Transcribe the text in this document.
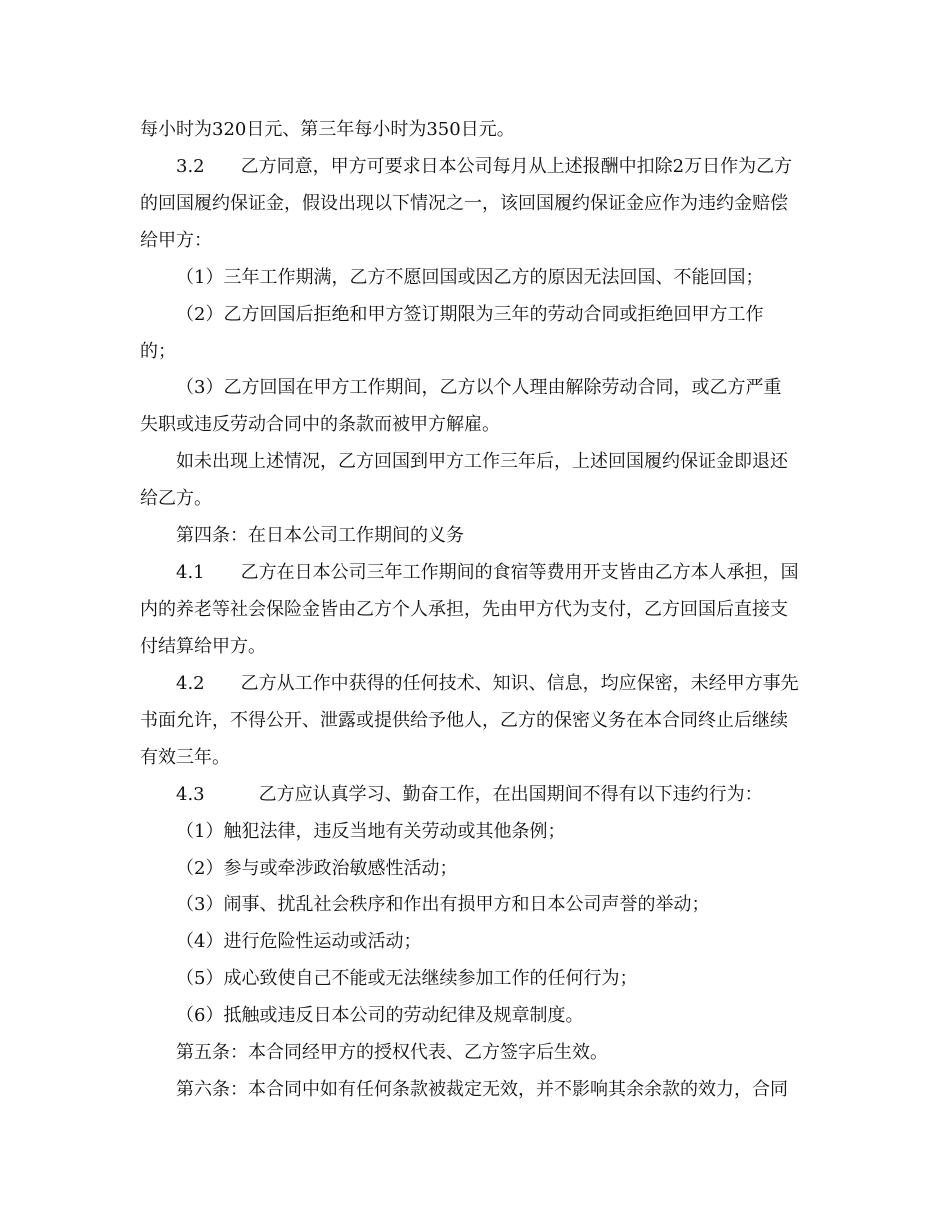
每小时为320日元、第三年每小时为350日元。
3.2　　乙方同意，甲方可要求日本公司每月从上述报酬中扣除2万日作为乙方
的回国履约保证金，假设出现以下情况之一，该回国履约保证金应作为违约金赔偿
给甲方：
（1）三年工作期满，乙方不愿回国或因乙方的原因无法回国、不能回国；
（2）乙方回国后拒绝和甲方签订期限为三年的劳动合同或拒绝回甲方工作
的；
（3）乙方回国在甲方工作期间，乙方以个人理由解除劳动合同，或乙方严重
失职或违反劳动合同中的条款而被甲方解雇。
如未出现上述情况，乙方回国到甲方工作三年后，上述回国履约保证金即退还
给乙方。
第四条：在日本公司工作期间的义务
4.1　　乙方在日本公司三年工作期间的食宿等费用开支皆由乙方本人承担，国
内的养老等社会保险金皆由乙方个人承担，先由甲方代为支付，乙方回国后直接支
付结算给甲方。
4.2　　乙方从工作中获得的任何技术、知识、信息，均应保密，未经甲方事先
书面允许，不得公开、泄露或提供给予他人，乙方的保密义务在本合同终止后继续
有效三年。
4.3　　　乙方应认真学习、勤奋工作，在出国期间不得有以下违约行为：
（1）触犯法律，违反当地有关劳动或其他条例；
（2）参与或牵涉政治敏感性活动；
（3）闹事、扰乱社会秩序和作出有损甲方和日本公司声誉的举动；
（4）进行危险性运动或活动；
（5）成心致使自己不能或无法继续参加工作的任何行为；
（6）抵触或违反日本公司的劳动纪律及规章制度。
第五条：本合同经甲方的授权代表、乙方签字后生效。
第六条：本合同中如有任何条款被裁定无效，并不影响其余余款的效力，合同
